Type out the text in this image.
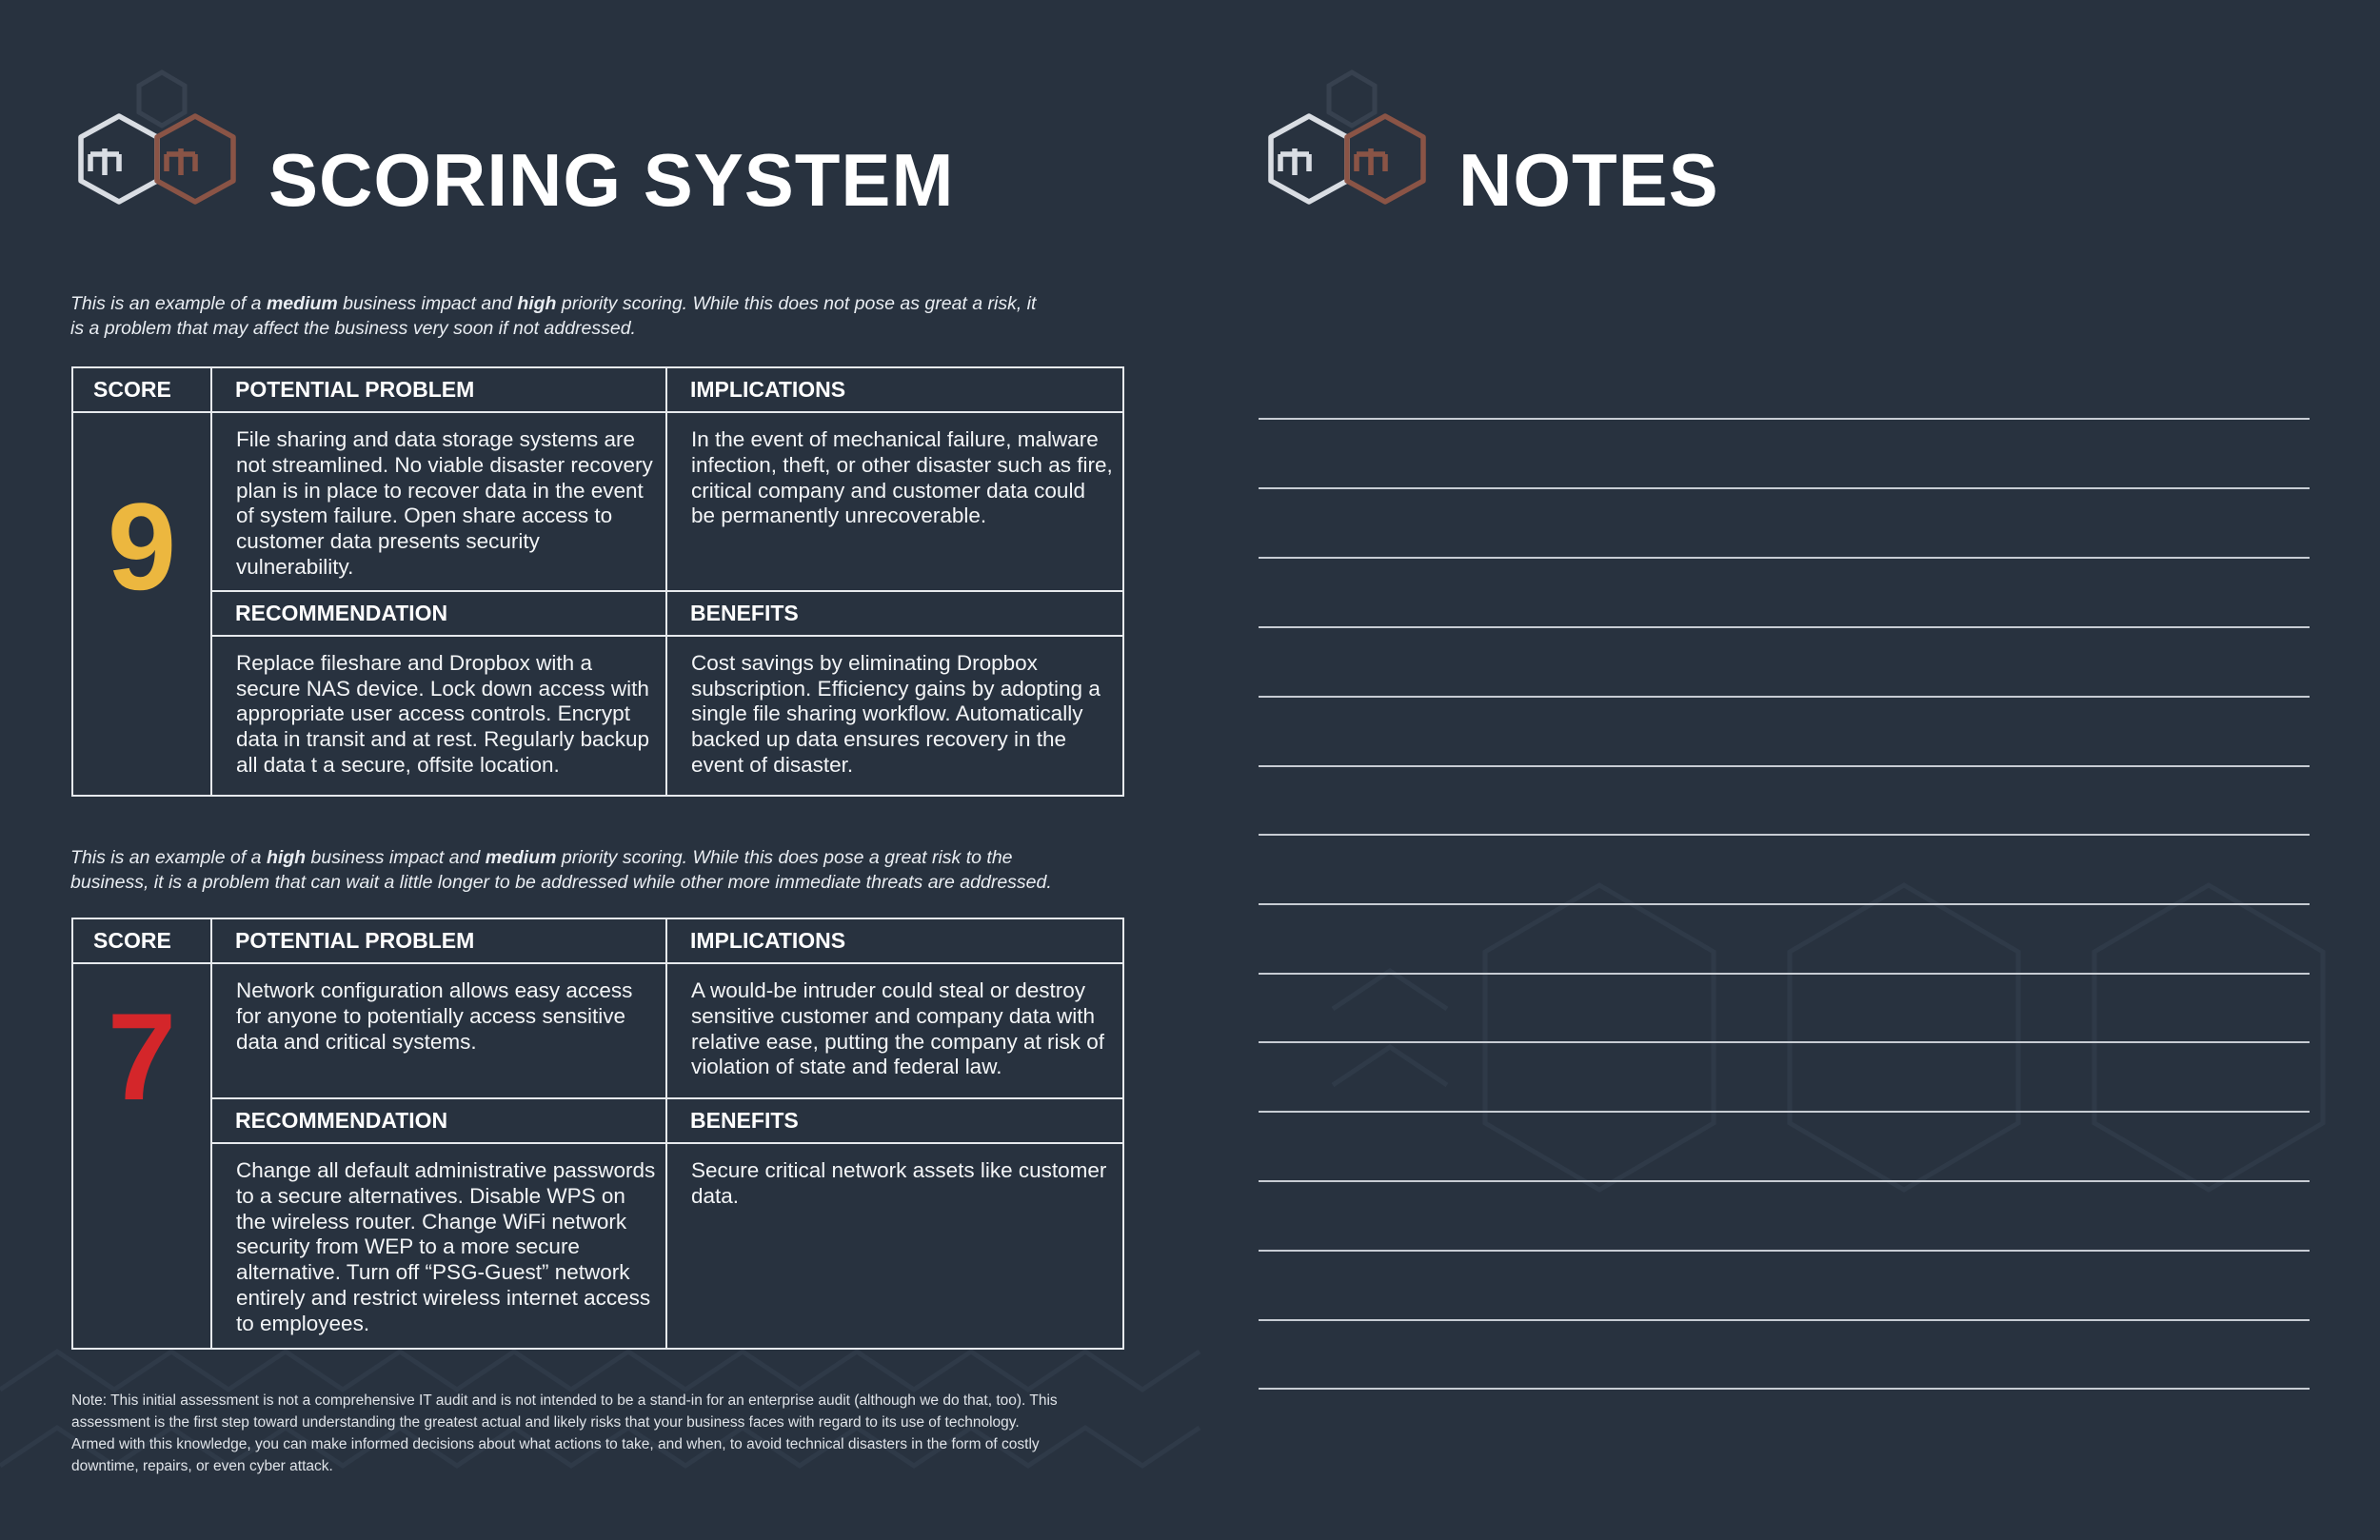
SCORING SYSTEM	NOTES

This is an example of a medium business impact and high priority scoring. While this does not pose as great a risk, it is a problem that may affect the business very soon if not addressed.

SCORE	POTENTIAL PROBLEM	IMPLICATIONS

9	File sharing and data storage systems are not streamlined. No viable disaster recovery plan is in place to recover data in the event of system failure. Open share access to customer data presents security vulnerability.	In the event of mechanical failure, malware infection, theft, or other disaster such as fire, critical company and customer data could be permanently unrecoverable.
	RECOMMENDATION	BENEFITS
	Replace fileshare and Dropbox with a secure NAS device. Lock down access with appropriate user access controls. Encrypt data in transit and at rest. Regularly backup all data t a secure, offsite location.	Cost savings by eliminating Dropbox subscription. Efficiency gains by adopting a single file sharing workflow. Automatically backed up data ensures recovery in the event of disaster.

This is an example of a high business impact and medium priority scoring. While this does pose a great risk to the business, it is a problem that can wait a little longer to be addressed while other more immediate threats are addressed.

SCORE	POTENTIAL PROBLEM	IMPLICATIONS

7	Network configuration allows easy access for anyone to potentially access sensitive data and critical systems.	A would-be intruder could steal or destroy sensitive customer and company data with relative ease, putting the company at risk of violation of state and federal law.
	RECOMMENDATION	BENEFITS
	Change all default administrative passwords to a secure alternatives. Disable WPS on the wireless router. Change WiFi network security from WEP to a more secure alternative. Turn off “PSG-Guest” network entirely and restrict wireless internet access to employees.	Secure critical network assets like customer data.

Note: This initial assessment is not a comprehensive IT audit and is not intended to be a stand-in for an enterprise audit (although we do that, too). This assessment is the first step toward understanding the greatest actual and likely risks that your business faces with regard to its use of technology. Armed with this knowledge, you can make informed decisions about what actions to take, and when, to avoid technical disasters in the form of costly downtime, repairs, or even cyber attack.
